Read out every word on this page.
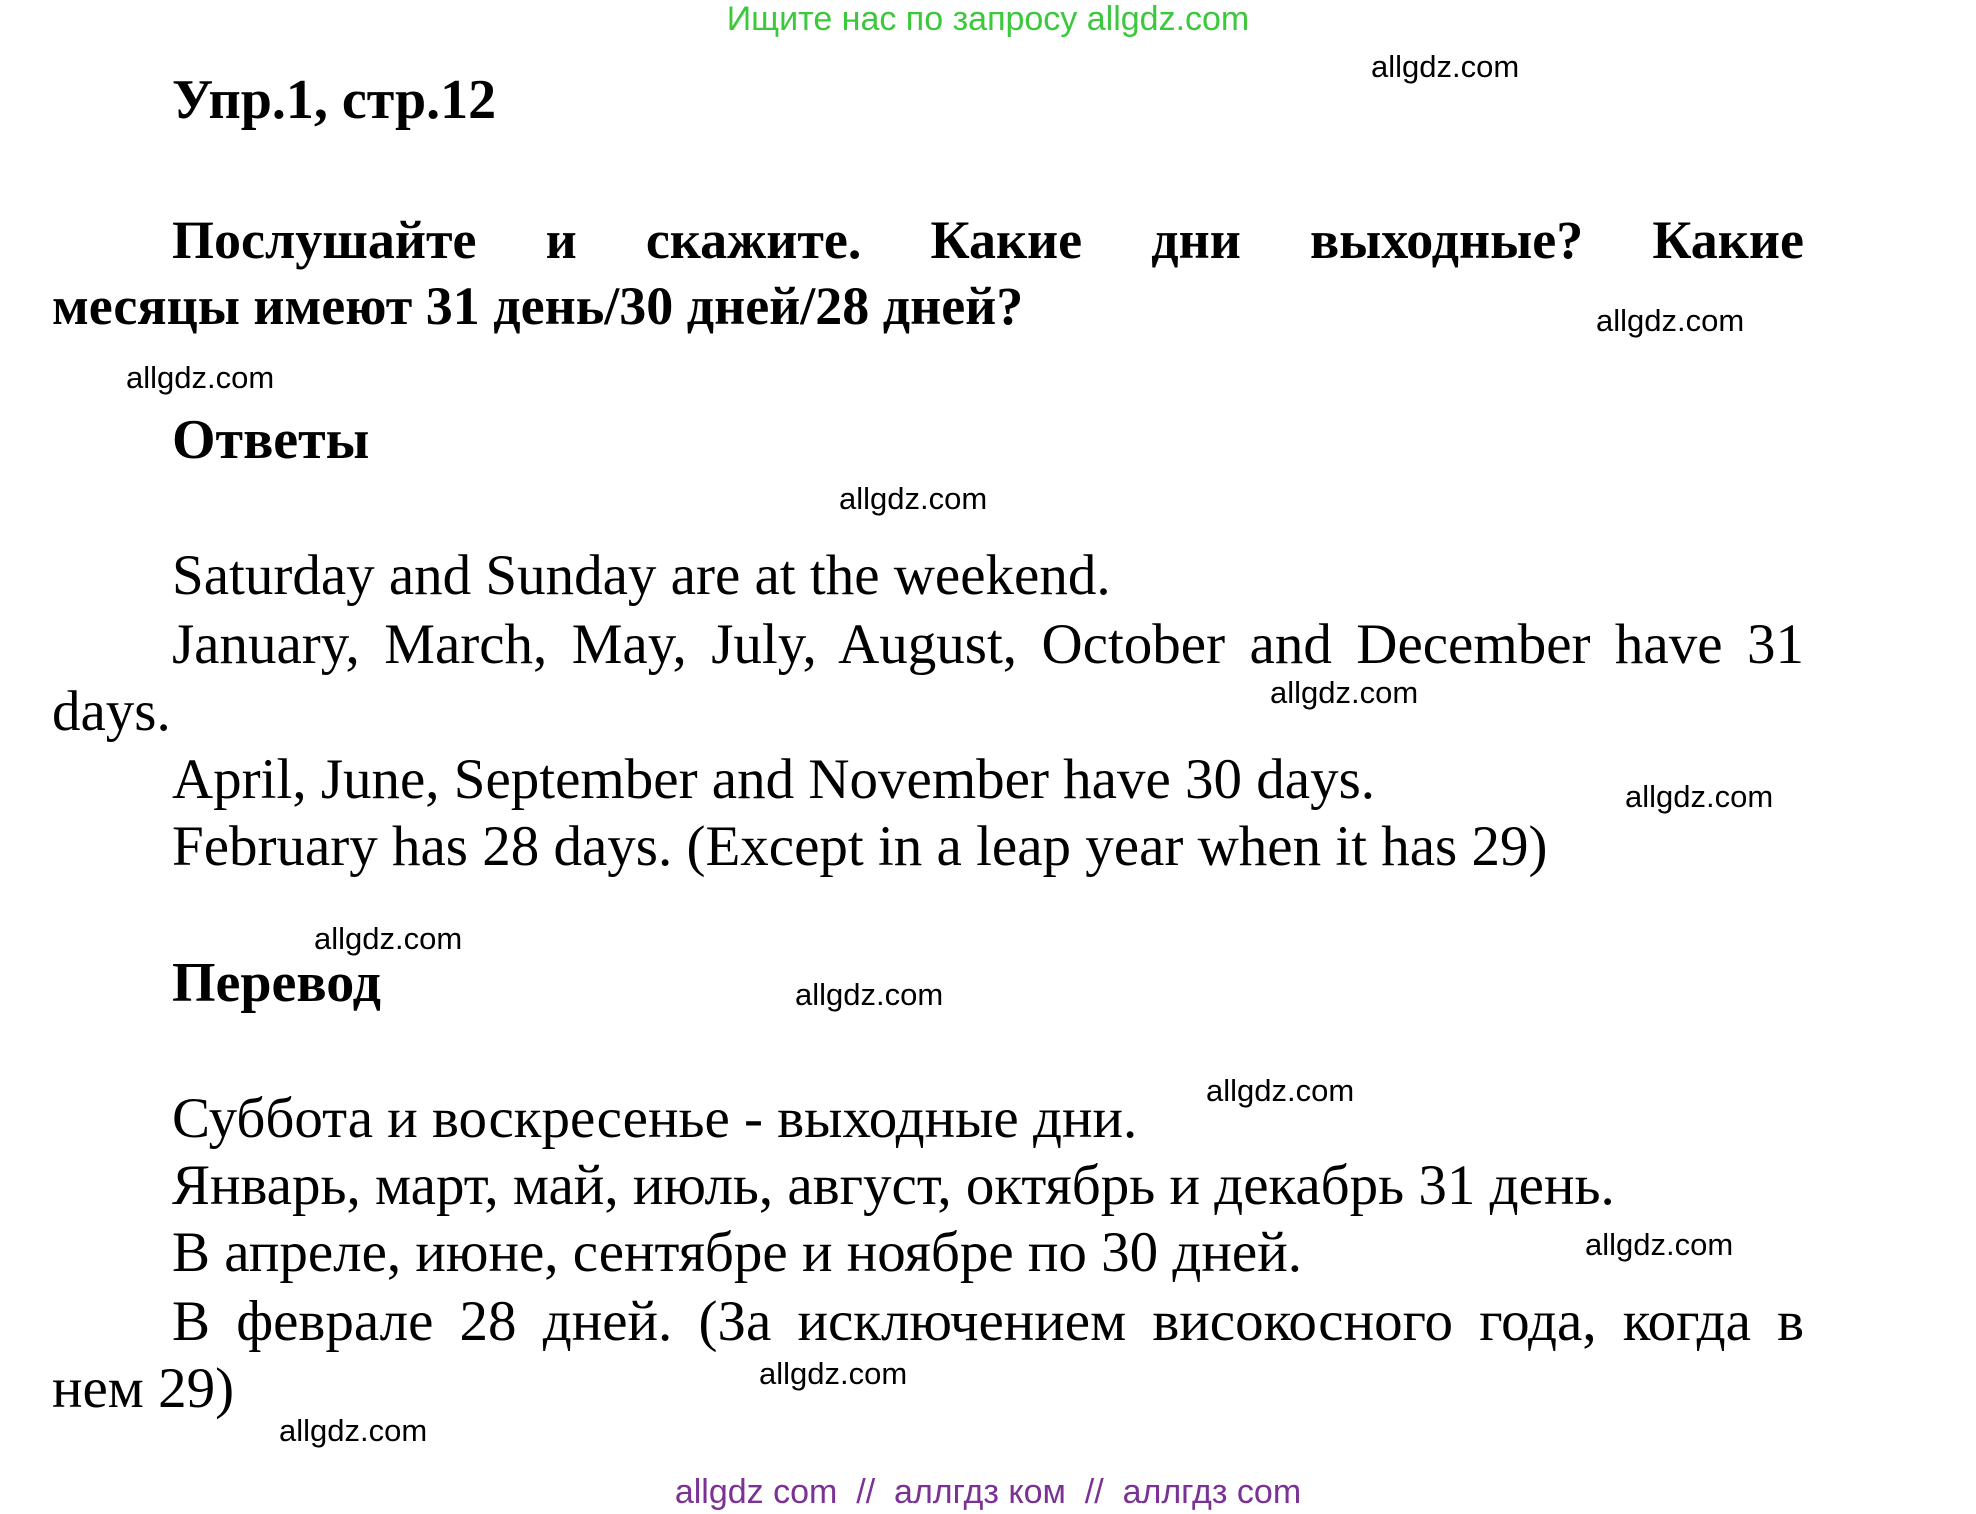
Ищите нас по запросу allgdz.com
allgdz.com
allgdz.com
allgdz.com
allgdz.com
allgdz.com
allgdz.com
allgdz.com
allgdz.com
allgdz.com
allgdz.com
allgdz.com
allgdz.com
Упр.1, стр.12
Послушайте и скажите. Какие дни выходные? Какие
месяцы имеют 31 день/30 дней/28 дней?
Ответы
Saturday and Sunday are at the weekend.
January, March, May, July, August, October and December have 31
days.
April, June, September and November have 30 days.
February has 28 days. (Except in a leap year when it has 29)
Перевод
Суббота и воскресенье - выходные дни.
Январь, март, май, июль, август, октябрь и декабрь 31 день.
В апреле, июне, сентябре и ноябре по 30 дней.
В феврале 28 дней. (За исключением високосного года, когда в
нем 29)
allgdz com  //  аллгдз ком  //  аллгдз com
